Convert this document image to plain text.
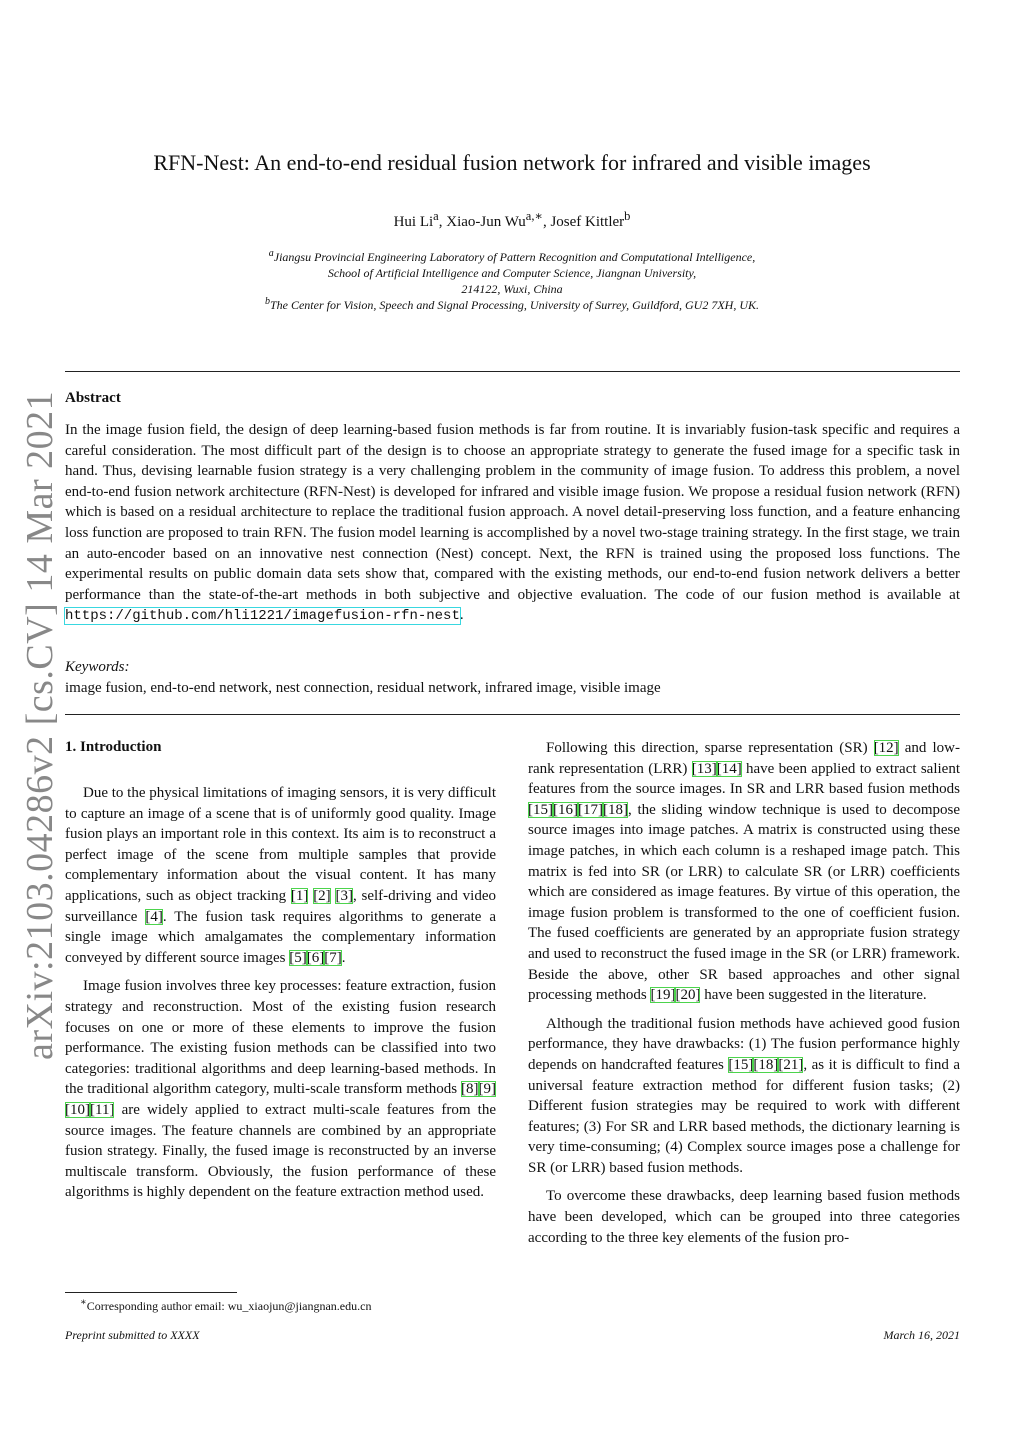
arXiv:2103.04286v2 [cs.CV] 14 Mar 2021
RFN-Nest: An end-to-end residual fusion network for infrared and visible images
Hui Li$^a$, Xiao-Jun $Wu^{a,∗}$, Josef Kittler$^b$
$^a$Jiangsu Provincial Engineering Laboratory of Pattern Recognition and Computational Intelligence,
School of Artificial Intelligence and Computer Science, Jiangnan University,
214122, Wuxi, China
$^b$The Center for Vision, Speech and Signal Processing, University of Surrey, Guildford, GU2 7XH, UK.
Abstract
In the image fusion field, the design of deep learning-based fusion methods is far from routine. It is invariably fusion-task specific and requires a careful consideration. The most difficult part of the design is to choose an appropriate strategy to generate the fused image for a specific task in hand. Thus, devising learnable fusion strategy is a very challenging problem in the community of image fusion. To address this problem, a novel end-to-end fusion network architecture (RFN-Nest) is developed for infrared and visible image fusion. We propose a residual fusion network (RFN) which is based on a residual architecture to replace the traditional fusion approach. A novel detail-preserving loss function, and a feature enhancing loss function are proposed to train RFN. The fusion model learning is accomplished by a novel two-stage training strategy. In the first stage, we train an auto-encoder based on an innovative nest connection (Nest) concept. Next, the RFN is trained using the proposed loss functions. The experimental results on public domain data sets show that, compared with the existing methods, our end-to-end fusion network delivers a better performance than the state-of-the-art methods in both subjective and objective evaluation. The code of our fusion method is available at https://github.com/hli1221/imagefusion-rfn-nest.
Keywords:
image fusion, end-to-end network, nest connection, residual network, infrared image, visible image
1. Introduction

Due to the physical limitations of imaging sensors, it is very difficult to capture an image of a scene that is of uniformly good quality. Image fusion plays an important role in this context. Its aim is to reconstruct a perfect image of the scene from multiple samples that provide complementary information about the visual content. It has many applications, such as object tracking [1] [2] [3], self-driving and video surveillance [4]. The fusion task requires algorithms to generate a single image which amalgamates the complementary information conveyed by different source images [5][6][7].

Image fusion involves three key processes: feature extraction, fusion strategy and reconstruction. Most of the existing fusion research focuses on one or more of these elements to improve the fusion performance. The existing fusion methods can be classified into two categories: traditional algorithms and deep learning-based methods. In the traditional algorithm category, multi-scale transform methods [8][9][10][11] are widely applied to extract multi-scale features from the source images. The feature channels are combined by an appropriate fusion strategy. Finally, the fused image is reconstructed by an inverse multiscale transform. Obviously, the fusion performance of these algorithms is highly dependent on the feature extraction method used.

Following this direction, sparse representation (SR) [12] and low-rank representation (LRR) [13][14] have been applied to extract salient features from the source images. In SR and LRR based fusion methods [15][16][17][18], the sliding window technique is used to decompose source images into image patches. A matrix is constructed using these image patches, in which each column is a reshaped image patch. This matrix is fed into SR (or LRR) to calculate SR (or LRR) coefficients which are considered as image features. By virtue of this operation, the image fusion problem is transformed to the one of coefficient fusion. The fused coefficients are generated by an appropriate fusion strategy and used to reconstruct the fused image in the SR (or LRR) framework. Beside the above, other SR based approaches and other signal processing methods [19][20] have been suggested in the literature.

Although the traditional fusion methods have achieved good fusion performance, they have drawbacks: (1) The fusion performance highly depends on handcrafted features [15][18][21], as it is difficult to find a universal feature extraction method for different fusion tasks; (2) Different fusion strategies may be required to work with different features; (3) For SR and LRR based methods, the dictionary learning is very time-consuming; (4) Complex source images pose a challenge for SR (or LRR) based fusion methods.

To overcome these drawbacks, deep learning based fusion methods have been developed, which can be grouped into three categories according to the three key elements of the fusion pro-

∗Corresponding author email: wu_xiaojun@jiangnan.edu.cn
Preprint submitted to XXXX	March 16, 2021
